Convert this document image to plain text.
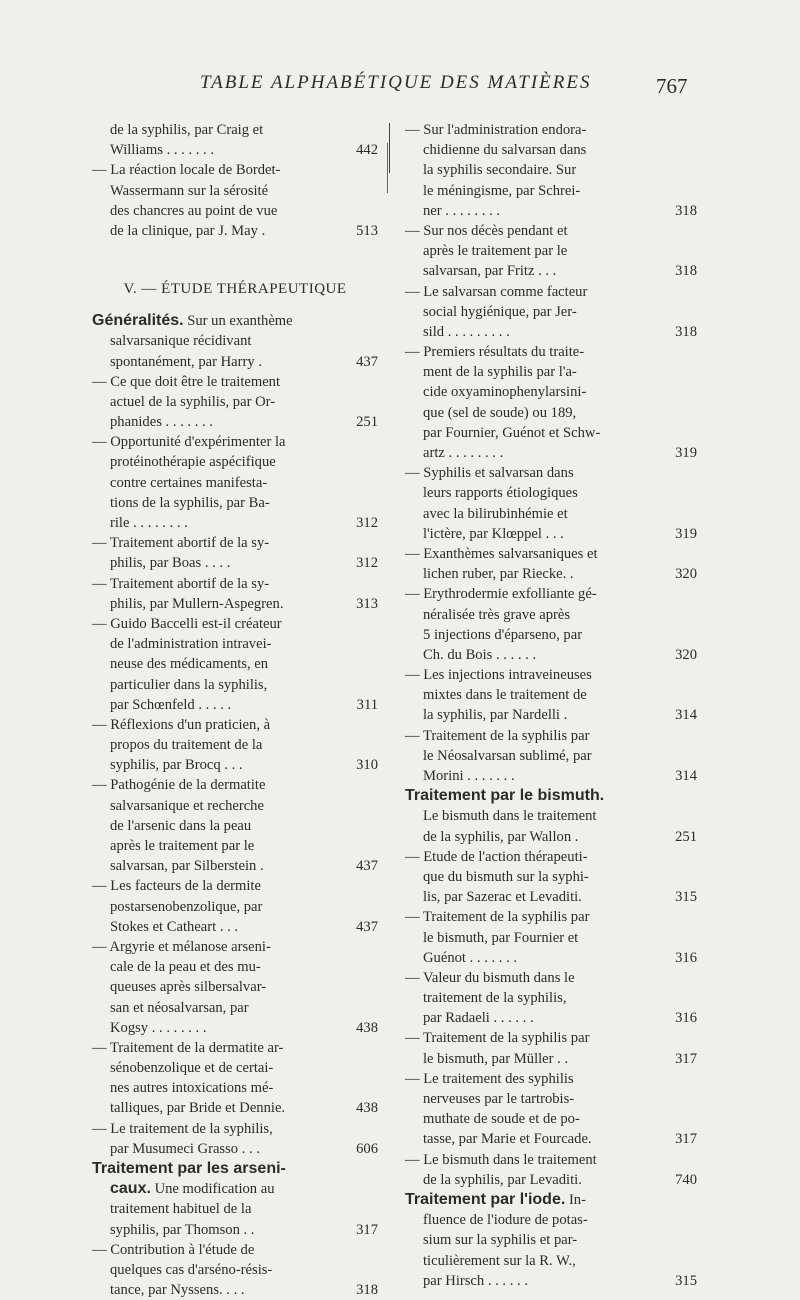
TABLE ALPHABÉTIQUE DES MATIÈRES	767
de la syphilis, par Craig et
Williams . . . . . . .	442
— La réaction locale de Bordet-
Wassermann sur la sérosité
des chancres au point de vue
de la clinique, par J. May .	513
V. — ÉTUDE THÉRAPEUTIQUE
Généralités. Sur un exanthème
salvarsanique récidivant
spontanément, par Harry .	437
— Ce que doit être le traitement
actuel de la syphilis, par Or-
phanides . . . . . . .	251
— Opportunité d'expérimenter la
protéinothérapie aspécifique
contre certaines manifesta-
tions de la syphilis, par Ba-
rile . . . . . . . .	312
— Traitement abortif de la sy-
philis, par Boas . . . .	312
— Traitement abortif de la sy-
philis, par Mullern-Aspegren.	313
— Guido Baccelli est-il créateur
de l'administration intravei-
neuse des médicaments, en
particulier dans la syphilis,
par Schœnfeld . . . . .	311
— Réflexions d'un praticien, à
propos du traitement de la
syphilis, par Brocq . . .	310
— Pathogénie de la dermatite
salvarsanique et recherche
de l'arsenic dans la peau
après le traitement par le
salvarsan, par Silberstein .	437
— Les facteurs de la dermite
postarsenobenzolique, par
Stokes et Catheart . . .	437
— Argyrie et mélanose arseni-
cale de la peau et des mu-
queuses après silbersalvar-
san et néosalvarsan, par
Kogsy . . . . . . . .	438
— Traitement de la dermatite ar-
sénobenzolique et de certai-
nes autres intoxications mé-
talliques, par Bride et Dennie.	438
— Le traitement de la syphilis,
par Musumeci Grasso . . .	606
Traitement par les arseni-
caux. Une modification au
traitement habituel de la
syphilis, par Thomson . .	317
— Contribution à l'étude de
quelques cas d'arséno-résis-
tance, par Nyssens. . . .	318
— Sur l'administration endora-
chidienne du salvarsan dans
la syphilis secondaire. Sur
le méningisme, par Schrei-
ner . . . . . . . .	318
— Sur nos décès pendant et
après le traitement par le
salvarsan, par Fritz . . .	318
— Le salvarsan comme facteur
social hygiénique, par Jer-
sild . . . . . . . . .	318
— Premiers résultats du traite-
ment de la syphilis par l'a-
cide oxyaminophenylarsini-
que (sel de soude) ou 189,
par Fournier, Guénot et Schw-
artz . . . . . . . .	319
— Syphilis et salvarsan dans
leurs rapports étiologiques
avec la bilirubinhémie et
l'ictère, par Klœppel . . .	319
— Exanthèmes salvarsaniques et
lichen ruber, par Riecke. .	320
— Erythrodermie exfolliante gé-
néralisée très grave après
5 injections d'éparseno, par
Ch. du Bois . . . . . .	320
— Les injections intraveineuses
mixtes dans le traitement de
la syphilis, par Nardelli .	314
— Traitement de la syphilis par
le Néosalvarsan sublimé, par
Morini . . . . . . .	314
Traitement par le bismuth.
Le bismuth dans le traitement
de la syphilis, par Wallon .	251
— Etude de l'action thérapeuti-
que du bismuth sur la syphi-
lis, par Sazerac et Levaditi.	315
— Traitement de la syphilis par
le bismuth, par Fournier et
Guénot . . . . . . .	316
— Valeur du bismuth dans le
traitement de la syphilis,
par Radaeli . . . . . .	316
— Traitement de la syphilis par
le bismuth, par Müller . .	317
— Le traitement des syphilis
nerveuses par le tartrobis-
muthate de soude et de po-
tasse, par Marie et Fourcade.	317
— Le bismuth dans le traitement
de la syphilis, par Levaditi.	740
Traitement par l'iode. In-
fluence de l'iodure de potas-
sium sur la syphilis et par-
ticulièrement sur la R. W.,
par Hirsch . . . . . .	315
